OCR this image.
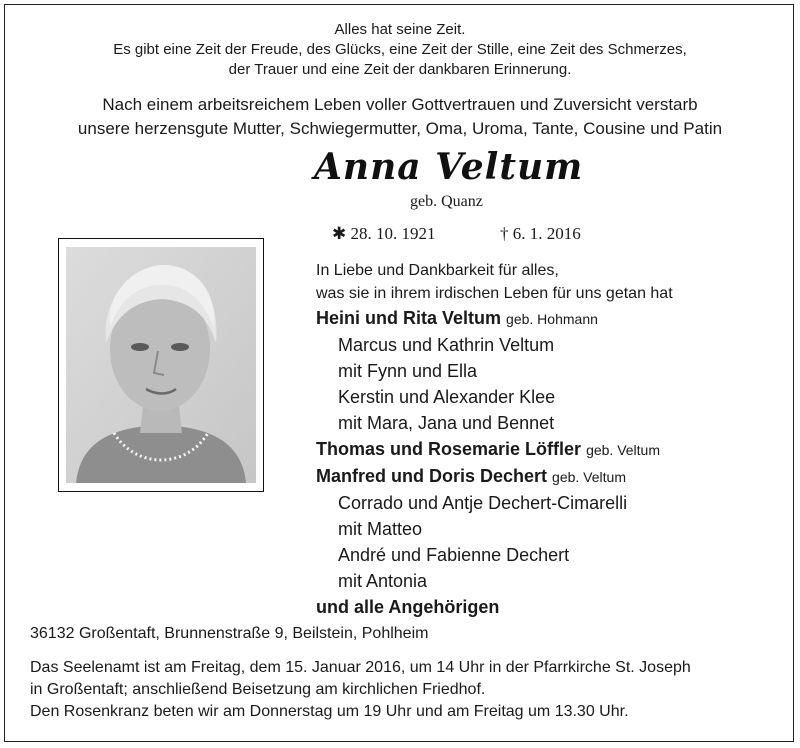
Alles hat seine Zeit.
Es gibt eine Zeit der Freude, des Glücks, eine Zeit der Stille, eine Zeit des Schmerzes,
der Trauer und eine Zeit der dankbaren Erinnerung.
Nach einem arbeitsreichem Leben voller Gottvertrauen und Zuversicht verstarb
unsere herzensgute Mutter, Schwiegermutter, Oma, Uroma, Tante, Cousine und Patin
Anna Veltum
geb. Quanz
✱ 28. 10. 1921	† 6. 1. 2016
In Liebe und Dankbarkeit für alles,
was sie in ihrem irdischen Leben für uns getan hat
Heini und Rita Veltum geb. Hohmann
Marcus und Kathrin Veltum
mit Fynn und Ella
Kerstin und Alexander Klee
mit Mara, Jana und Bennet
Thomas und Rosemarie Löffler geb. Veltum
Manfred und Doris Dechert geb. Veltum
Corrado und Antje Dechert-Cimarelli
mit Matteo
André und Fabienne Dechert
mit Antonia
und alle Angehörigen
36132 Großentaft, Brunnenstraße 9, Beilstein, Pohlheim
Das Seelenamt ist am Freitag, dem 15. Januar 2016, um 14 Uhr in der Pfarrkirche St. Joseph
in Großentaft; anschließend Beisetzung am kirchlichen Friedhof.
Den Rosenkranz beten wir am Donnerstag um 19 Uhr und am Freitag um 13.30 Uhr.
